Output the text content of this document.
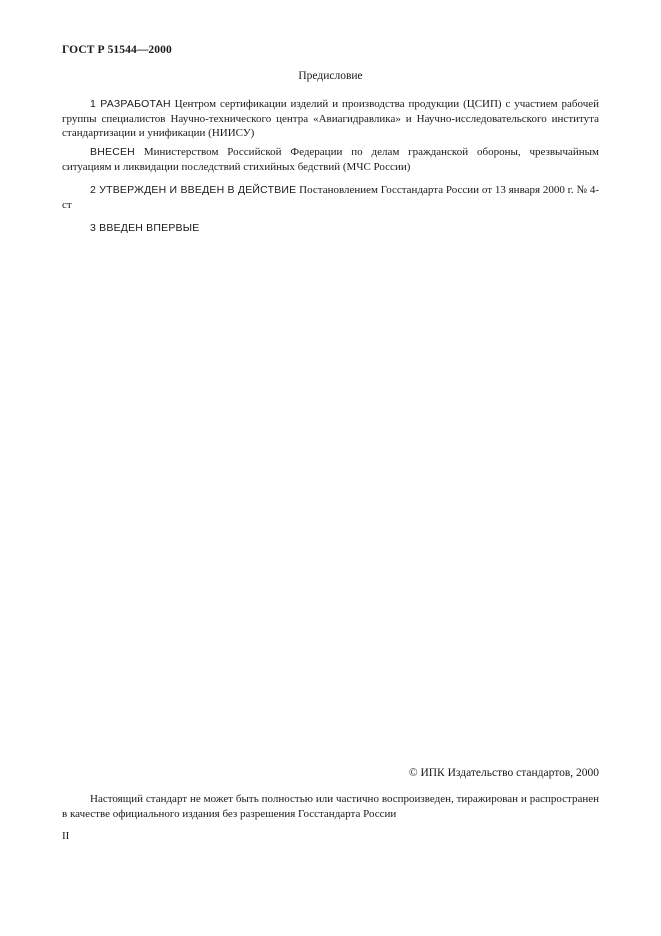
ГОСТ Р 51544—2000
Предисловие
1 РАЗРАБОТАН Центром сертификации изделий и производства продукции (ЦСИП) с участием рабочей группы специалистов Научно-технического центра «Авиагидравлика» и Научно-исследовательского института стандартизации и унификации (НИИСУ)
ВНЕСЕН Министерством Российской Федерации по делам гражданской обороны, чрезвычайным ситуациям и ликвидации последствий стихийных бедствий (МЧС России)
2 УТВЕРЖДЕН И ВВЕДЕН В ДЕЙСТВИЕ Постановлением Госстандарта России от 13 января 2000 г. № 4-ст
3 ВВЕДЕН ВПЕРВЫЕ
© ИПК Издательство стандартов, 2000
Настоящий стандарт не может быть полностью или частично воспроизведен, тиражирован и распространен в качестве официального издания без разрешения Госстандарта России
II
